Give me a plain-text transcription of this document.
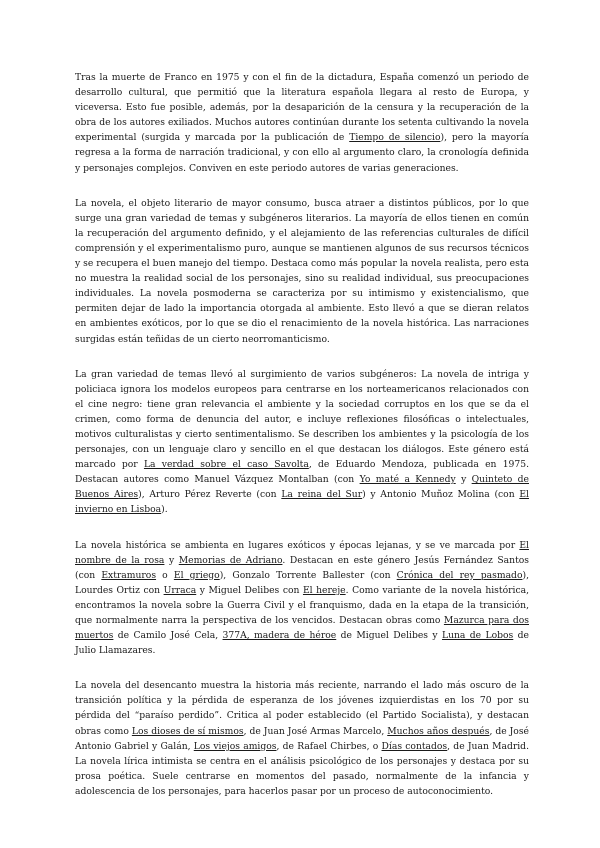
Tras la muerte de Franco en 1975 y con el fin de la dictadura, España comenzó un periodo de desarrollo cultural, que permitió que la literatura española llegara al resto de Europa, y viceversa. Esto fue posible, además, por la desaparición de la censura y la recuperación de la obra de los autores exiliados. Muchos autores continúan durante los setenta cultivando la novela experimental (surgida y marcada por la publicación de Tiempo de silencio), pero la mayoría regresa a la forma de narración tradicional, y con ello al argumento claro, la cronología definida y personajes complejos. Conviven en este periodo autores de varias generaciones.

La novela, el objeto literario de mayor consumo, busca atraer a distintos públicos, por lo que surge una gran variedad de temas y subgéneros literarios. La mayoría de ellos tienen en común la recuperación del argumento definido, y el alejamiento de las referencias culturales de difícil comprensión y el experimentalismo puro, aunque se mantienen algunos de sus recursos técnicos y se recupera el buen manejo del tiempo. Destaca como más popular la novela realista, pero esta no muestra la realidad social de los personajes, sino su realidad individual, sus preocupaciones individuales. La novela posmoderna se caracteriza por su intimismo y existencialismo, que permiten dejar de lado la importancia otorgada al ambiente. Esto llevó a que se dieran relatos en ambientes exóticos, por lo que se dio el renacimiento de la novela histórica. Las narraciones surgidas están teñidas de un cierto neorromanticismo.

La gran variedad de temas llevó al surgimiento de varios subgéneros: La novela de intriga y policiaca ignora los modelos europeos para centrarse en los norteamericanos relacionados con el cine negro: tiene gran relevancia el ambiente y la sociedad corruptos en los que se da el crimen, como forma de denuncia del autor, e incluye reflexiones filosóficas o intelectuales, motivos culturalistas y cierto sentimentalismo. Se describen los ambientes y la psicología de los personajes, con un lenguaje claro y sencillo en el que destacan los diálogos. Este género está marcado por La verdad sobre el caso Savolta, de Eduardo Mendoza, publicada en 1975. Destacan autores como Manuel Vázquez Montalban (con Yo maté a Kennedy y Quinteto de Buenos Aires), Arturo Pérez Reverte (con La reina del Sur) y Antonio Muñoz Molina (con El invierno en Lisboa).

La novela histórica se ambienta en lugares exóticos y épocas lejanas, y se ve marcada por El nombre de la rosa y Memorias de Adriano. Destacan en este género Jesús Fernández Santos (con Extramuros o El griego), Gonzalo Torrente Ballester (con Crónica del rey pasmado), Lourdes Ortiz con Urraca y Miguel Delibes con El hereje. Como variante de la novela histórica, encontramos la novela sobre la Guerra Civil y el franquismo, dada en la etapa de la transición, que normalmente narra la perspectiva de los vencidos. Destacan obras como Mazurca para dos muertos de Camilo José Cela, 377A, madera de héroe de Miguel Delibes y Luna de Lobos de Julio Llamazares.

La novela del desencanto muestra la historia más reciente, narrando el lado más oscuro de la transición política y la pérdida de esperanza de los jóvenes izquierdistas en los 70 por su pérdida del “paraíso perdido”. Critica al poder establecido (el Partido Socialista), y destacan obras como Los dioses de sí mismos, de Juan José Armas Marcelo, Muchos años después, de José Antonio Gabriel y Galán, Los viejos amigos, de Rafael Chirbes, o Días contados, de Juan Madrid. La novela lírica intimista se centra en el análisis psicológico de los personajes y destaca por su prosa poética. Suele centrarse en momentos del pasado, normalmente de la infancia y adolescencia de los personajes, para hacerlos pasar por un proceso de autoconocimiento.
